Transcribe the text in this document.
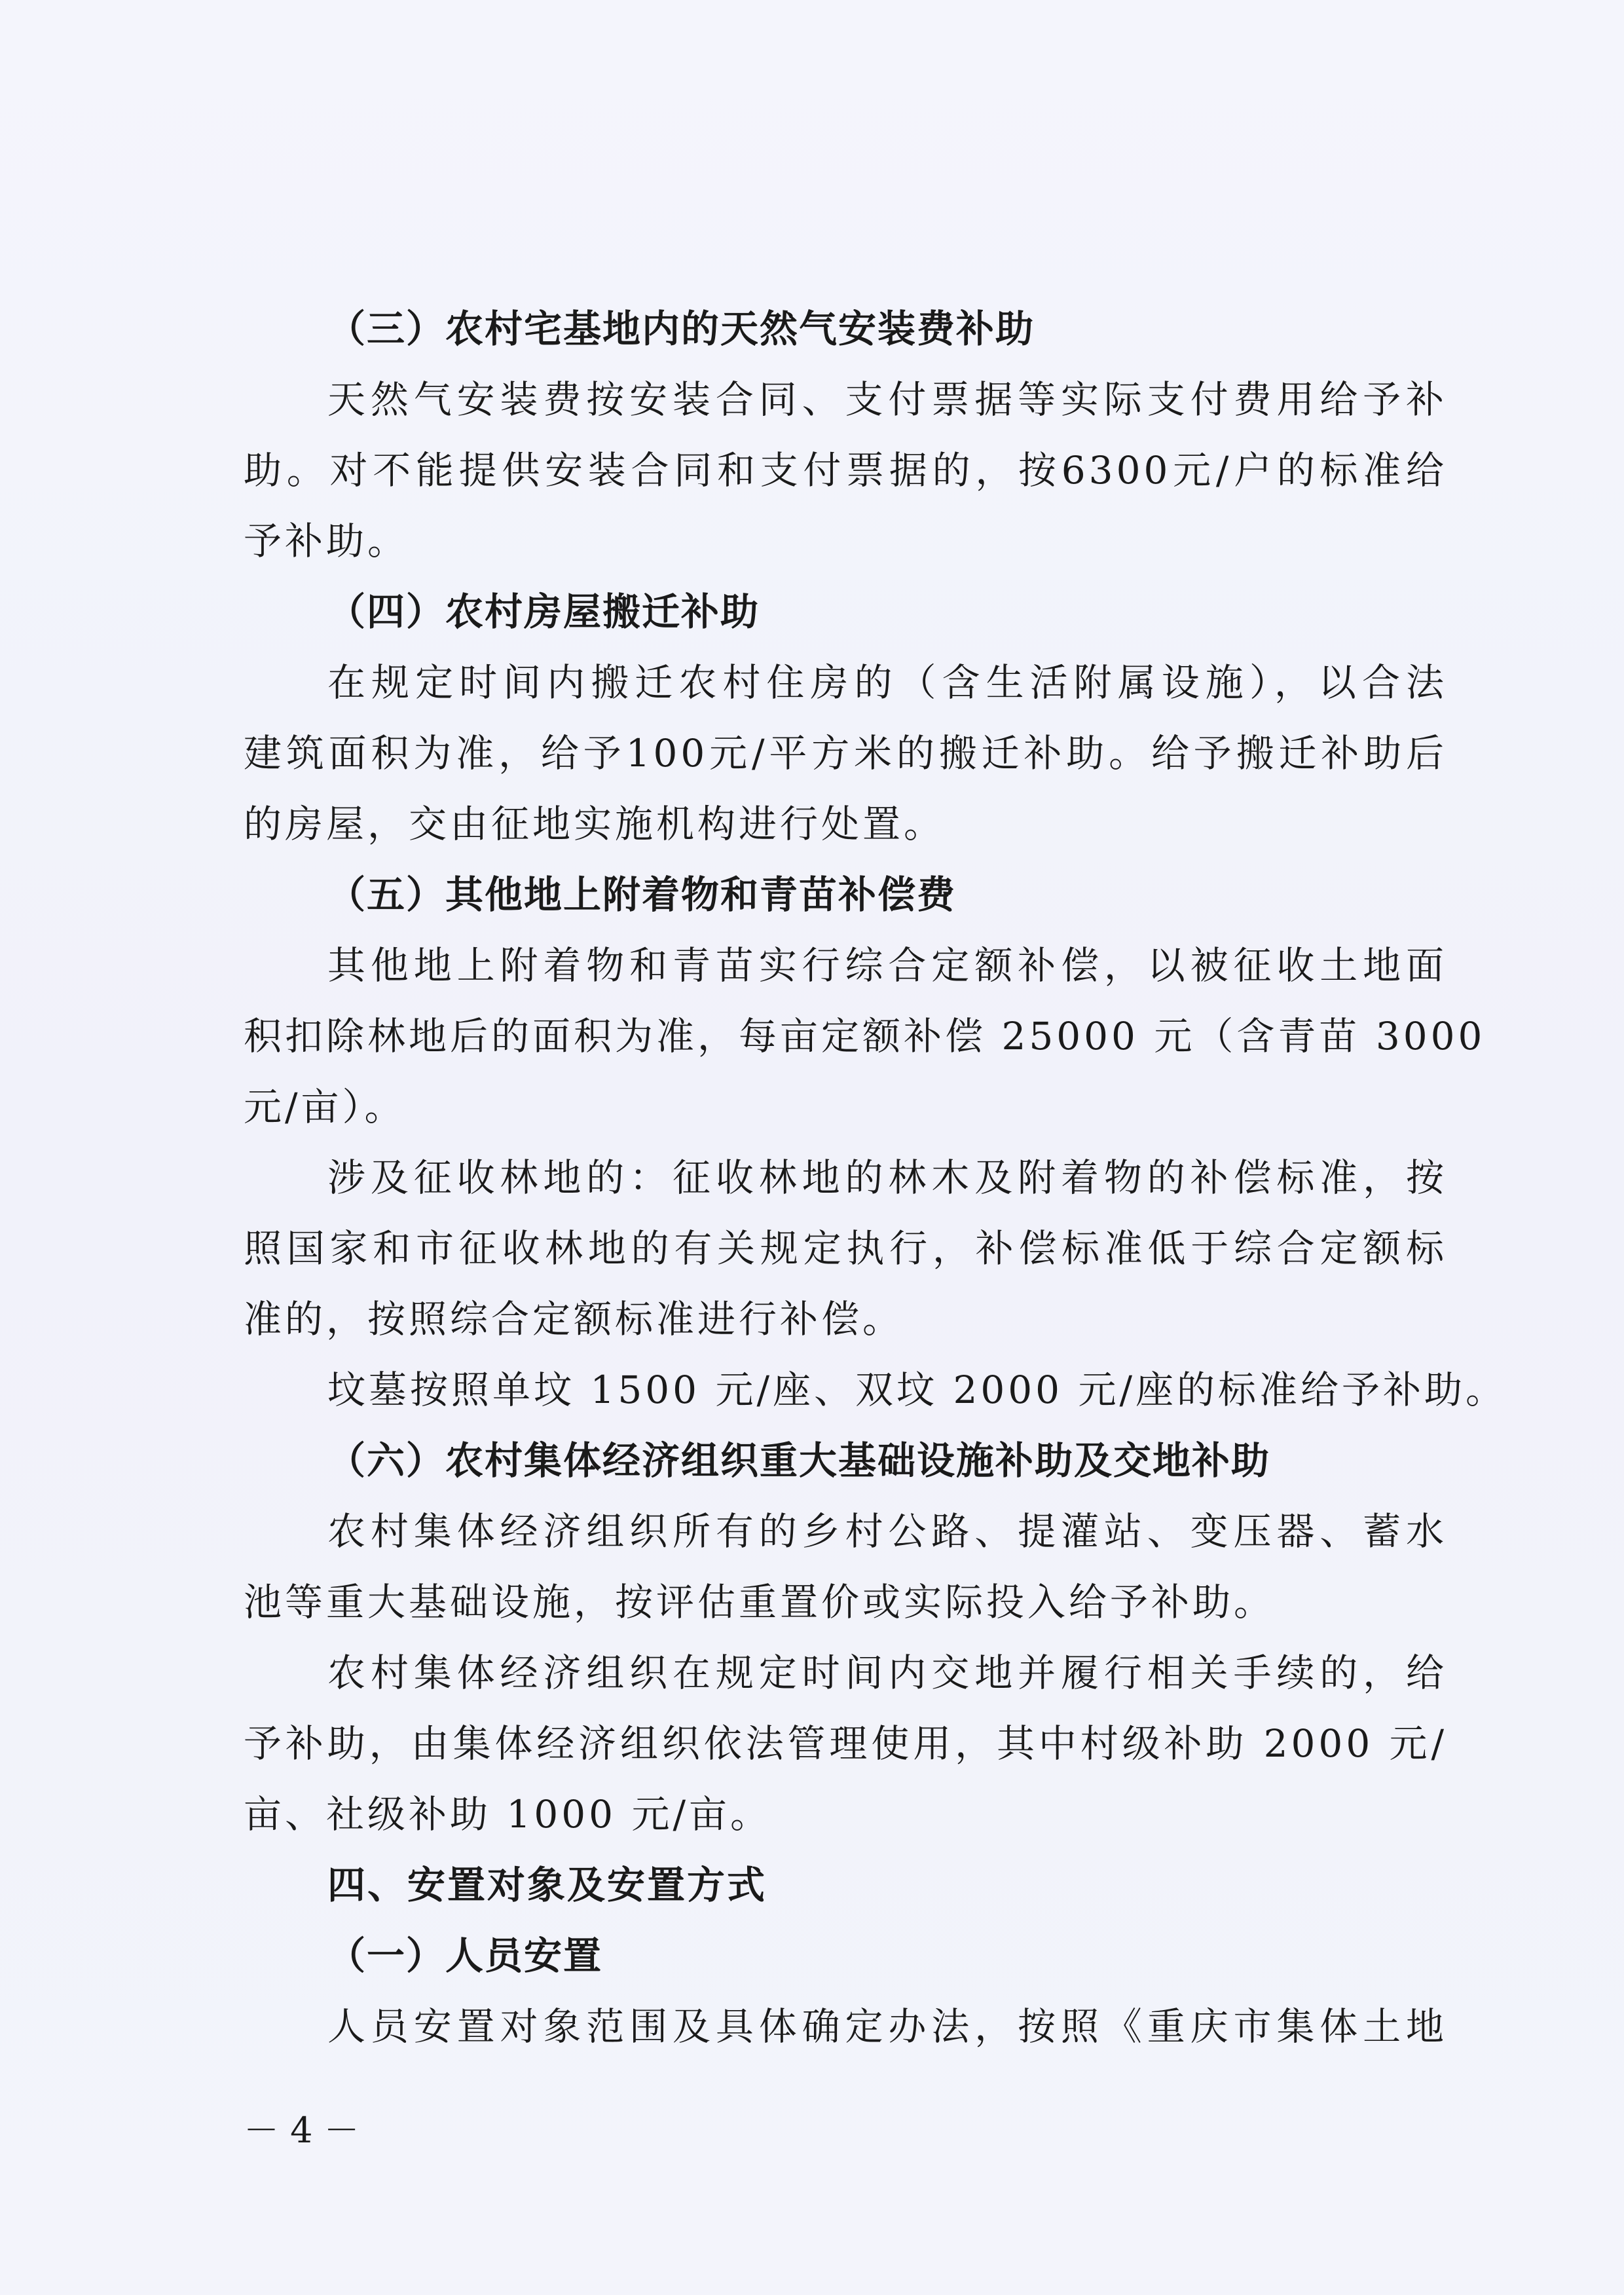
（三）农村宅基地内的天然气安装费补助
天然气安装费按安装合同、支付票据等实际支付费用给予补
助。对不能提供安装合同和支付票据的，按6300元/户的标准给
予补助。
（四）农村房屋搬迁补助
在规定时间内搬迁农村住房的（含生活附属设施），以合法
建筑面积为准，给予100元/平方米的搬迁补助。给予搬迁补助后
的房屋，交由征地实施机构进行处置。
（五）其他地上附着物和青苗补偿费
其他地上附着物和青苗实行综合定额补偿，以被征收土地面
积扣除林地后的面积为准，每亩定额补偿 25000 元（含青苗 3000
元/亩）。
涉及征收林地的：征收林地的林木及附着物的补偿标准，按
照国家和市征收林地的有关规定执行，补偿标准低于综合定额标
准的，按照综合定额标准进行补偿。
坟墓按照单坟 1500 元/座、双坟 2000 元/座的标准给予补助。
（六）农村集体经济组织重大基础设施补助及交地补助
农村集体经济组织所有的乡村公路、提灌站、变压器、蓄水
池等重大基础设施，按评估重置价或实际投入给予补助。
农村集体经济组织在规定时间内交地并履行相关手续的，给
予补助，由集体经济组织依法管理使用，其中村级补助 2000 元/
亩、社级补助 1000 元/亩。
四、安置对象及安置方式
（一）人员安置
人员安置对象范围及具体确定办法，按照《重庆市集体土地
－ 4 －
